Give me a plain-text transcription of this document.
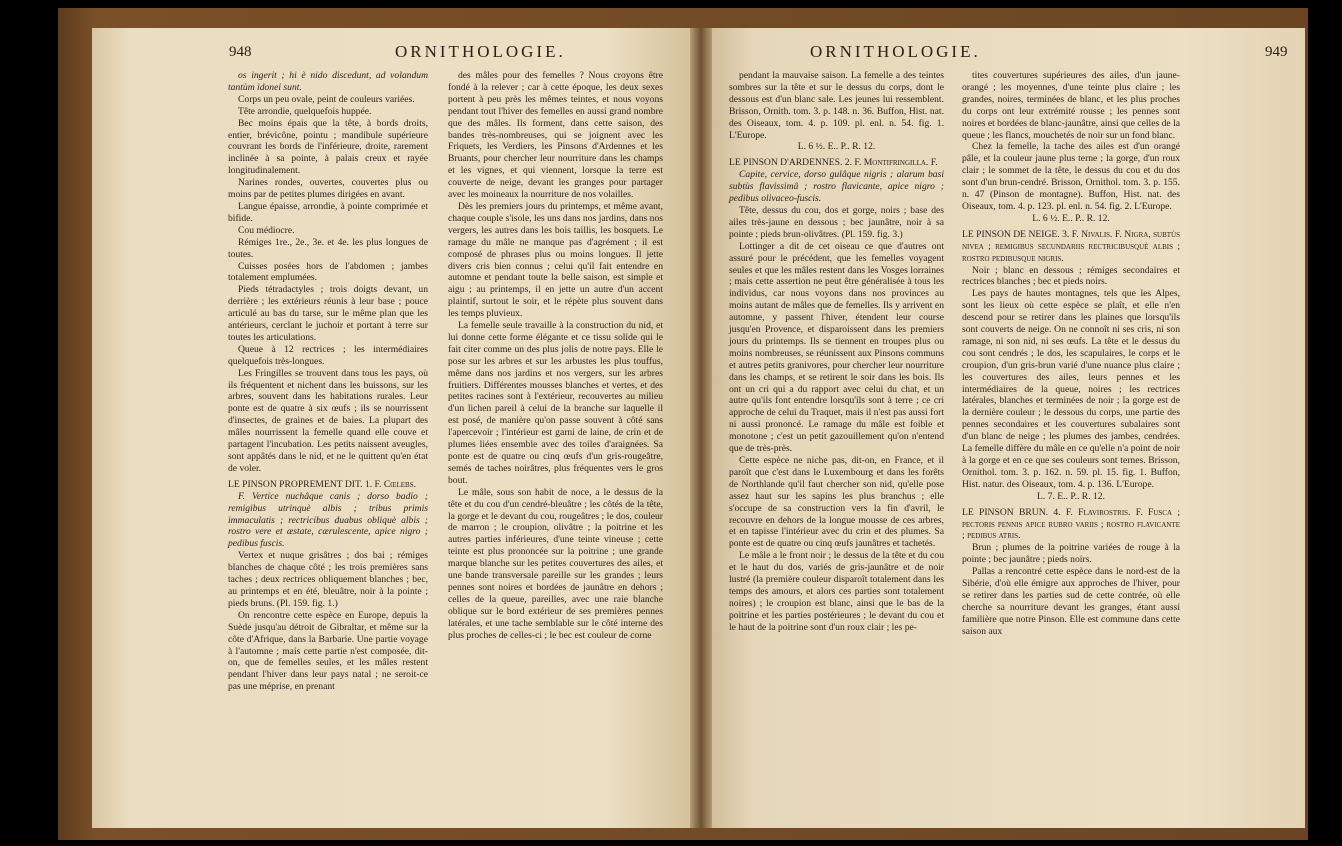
948	ORNITHOLOGIE.	ORNITHOLOGIE.	949

os ingerit ; hi è nido discedunt, ad volandum tantùm idonei sunt.

Corps un peu ovale, peint de couleurs variées.

Tête arrondie, quelquefois huppée.

Bec moins épais que la tête, à bords droits, entier, brévicône, pointu ; mandibule supérieure couvrant les bords de l'inférieure, droite, rarement inclinée à sa pointe, à palais creux et rayée longitudinalement.

Narines rondes, ouvertes, couvertes plus ou moins par de petites plumes dirigées en avant.

Langue épaisse, arrondie, à pointe comprimée et bifide.

Cou médiocre.

Rémiges 1re., 2e., 3e. et 4e. les plus longues de toutes.

Cuisses posées hors de l'abdomen ; jambes totalement emplumées.

Pieds tétradactyles ; trois doigts devant, un derrière ; les extérieurs réunis à leur base ; pouce articulé au bas du tarse, sur le même plan que les antérieurs, cerclant le juchoir et portant à terre sur toutes les articulations.

Queue à 12 rectrices ; les intermédiaires quelquefois très-longues.

Les Fringilles se trouvent dans tous les pays, où ils fréquentent et nichent dans les buissons, sur les arbres, souvent dans les habitations rurales. Leur ponte est de quatre à six œufs ; ils se nourrissent d'insectes, de graines et de baies. La plupart des mâles nourrissent la femelle quand elle couve et partagent l'incubation. Les petits naissent aveugles, sont appâtés dans le nid, et ne le quittent qu'en état de voler.

LE PINSON PROPREMENT DIT. 1. F. Cœlebs.

F. Vertice nuchâque canis ; dorso badio ; remigibus utrinquè albis ; tribus primis immaculatis ; rectricibus duabus obliquè albis ; rostro vere et æstate, cærulescente, apice nigro ; pedibus fuscis.

Vertex et nuque grisâtres ; dos bai ; rémiges blanches de chaque côté ; les trois premières sans taches ; deux rectrices obliquement blanches ; bec, au printemps et en été, bleuâtre, noir à la pointe ; pieds bruns. (Pl. 159. fig. 1.)

On rencontre cette espèce en Europe, depuis la Suède jusqu'au détroit de Gibraltar, et même sur la côte d'Afrique, dans la Barbarie. Une partie voyage à l'automne ; mais cette partie n'est composée, dit-on, que de femelles seules, et les mâles restent pendant l'hiver dans leur pays natal ; ne seroit-ce pas une méprise, en prenant

des mâles pour des femelles ? Nous croyons être fondé à la relever ; car à cette époque, les deux sexes portent à peu près les mêmes teintes, et nous voyons pendant tout l'hiver des femelles en aussi grand nombre que des mâles. Ils forment, dans cette saison, des bandes très-nombreuses, qui se joignent avec les Friquets, les Verdiers, les Pinsons d'Ardennes et les Bruants, pour chercher leur nourriture dans les champs et les vignes, et qui viennent, lorsque la terre est couverte de neige, devant les granges pour partager avec les moineaux la nourriture de nos volailles.

Dès les premiers jours du printemps, et même avant, chaque couple s'isole, les uns dans nos jardins, dans nos vergers, les autres dans les bois taillis, les bosquets. Le ramage du mâle ne manque pas d'agrément ; il est composé de phrases plus ou moins longues. Il jette divers cris bien connus ; celui qu'il fait entendre en automne et pendant toute la belle saison, est simple et aigu ; au printemps, il en jette un autre d'un accent plaintif, surtout le soir, et le répète plus souvent dans les temps pluvieux.

La femelle seule travaille à la construction du nid, et lui donne cette forme élégante et ce tissu solide qui le fait citer comme un des plus jolis de notre pays. Elle le pose sur les arbres et sur les arbustes les plus touffus, même dans nos jardins et nos vergers, sur les arbres fruitiers. Différentes mousses blanches et vertes, et des petites racines sont à l'extérieur, recouvertes au milieu d'un lichen pareil à celui de la branche sur laquelle il est posé, de manière qu'on passe souvent à côté sans l'apercevoir ; l'intérieur est garni de laine, de crin et de plumes liées ensemble avec des toiles d'araignées. Sa ponte est de quatre ou cinq œufs d'un gris-rougeâtre, semés de taches noirâtres, plus fréquentes vers le gros bout.

Le mâle, sous son habit de noce, a le dessus de la tête et du cou d'un cendré-bleuâtre ; les côtés de la tête, la gorge et le devant du cou, rougeâtres ; le dos, couleur de marron ; le croupion, olivâtre ; la poitrine et les autres parties inférieures, d'une teinte vineuse ; cette teinte est plus prononcée sur la poitrine ; une grande marque blanche sur les petites couvertures des ailes, et une bande transversale pareille sur les grandes ; leurs pennes sont noires et bordées de jaunâtre en dehors ; celles de la queue, pareilles, avec une raie blanche oblique sur le bord extérieur de ses premières pennes latérales, et une tache semblable sur le côté interne des plus proches de celles-ci ; le bec est couleur de corne

pendant la mauvaise saison. La femelle a des teintes sombres sur la tête et sur le dessus du corps, dont le dessous est d'un blanc sale. Les jeunes lui ressemblent. Brisson, Ornith. tom. 3. p. 148. n. 36. Buffon, Hist. nat. des Oiseaux, tom. 4. p. 109. pl. enl. n. 54. fig. 1. L'Europe.

L. 6 ½. E.. P.. R. 12.

LE PINSON D'ARDENNES. 2. F. Montifringilla. F.

Capite, cervice, dorso gulâque nigris ; alarum basi subtùs flavissimâ ; rostro flavicante, apice nigro ; pedibus olivaceo-fuscis.

Tête, dessus du cou, dos et gorge, noirs ; base des ailes très-jaune en dessous ; bec jaunâtre, noir à sa pointe ; pieds brun-olivâtres. (Pl. 159. fig. 3.)

Lottinger a dit de cet oiseau ce que d'autres ont assuré pour le précédent, que les femelles voyagent seules et que les mâles restent dans les Vosges lorraines ; mais cette assertion ne peut être généralisée à tous les individus, car nous voyons dans nos provinces au moins autant de mâles que de femelles. Ils y arrivent en automne, y passent l'hiver, étendent leur course jusqu'en Provence, et disparoissent dans les premiers jours du printemps. Ils se tiennent en troupes plus ou moins nombreuses, se réunissent aux Pinsons communs et autres petits granivores, pour chercher leur nourriture dans les champs, et se retirent le soir dans les bois. Ils ont un cri qui a du rapport avec celui du chat, et un autre qu'ils font entendre lorsqu'ils sont à terre ; ce cri approche de celui du Traquet, mais il n'est pas aussi fort ni aussi prononcé. Le ramage du mâle est foible et monotone ; c'est un petit gazouillement qu'on n'entend que de très-près.

Cette espèce ne niche pas, dit-on, en France, et il paroît que c'est dans le Luxembourg et dans les forêts de Northlande qu'il faut chercher son nid, qu'elle pose assez haut sur les sapins les plus branchus ; elle s'occupe de sa construction vers la fin d'avril, le recouvre en dehors de la longue mousse de ces arbres, et en tapisse l'intérieur avec du crin et des plumes. Sa ponte est de quatre ou cinq œufs jaunâtres et tachetés.

Le mâle a le front noir ; le dessus de la tête et du cou et le haut du dos, variés de gris-jaunâtre et de noir lustré (la première couleur disparoît totalement dans les temps des amours, et alors ces parties sont totalement noires) ; le croupion est blanc, ainsi que le bas de la poitrine et les parties postérieures ; le devant du cou et le haut de la poitrine sont d'un roux clair ; les pe-

tites couvertures supérieures des ailes, d'un jaune-orangé ; les moyennes, d'une teinte plus claire ; les grandes, noires, terminées de blanc, et les plus proches du corps ont leur extrémité rousse ; les pennes sont noires et bordées de blanc-jaunâtre, ainsi que celles de la queue ; les flancs, mouchetés de noir sur un fond blanc.

Chez la femelle, la tache des ailes est d'un orangé pâle, et la couleur jaune plus terne ; la gorge, d'un roux clair ; le sommet de la tête, le dessus du cou et du dos sont d'un brun-cendré. Brisson, Ornithol. tom. 3. p. 155. n. 47 (Pinson de montagne). Buffon, Hist. nat. des Oiseaux, tom. 4. p. 123. pl. enl. n. 54. fig. 2. L'Europe.

L. 6 ½. E.. P.. R. 12.

LE PINSON DE NEIGE. 3. F. Nivalis. F. Nigra, subtùs nivea ; remigibus secundariis rectricibusquè albis ; rostro pedibusque nigris.

Noir ; blanc en dessous ; rémiges secondaires et rectrices blanches ; bec et pieds noirs.

Les pays de hautes montagnes, tels que les Alpes, sont les lieux où cette espèce se plaît, et elle n'en descend pour se retirer dans les plaines que lorsqu'ils sont couverts de neige. On ne connoît ni ses cris, ni son ramage, ni son nid, ni ses œufs. La tête et le dessus du cou sont cendrés ; le dos, les scapulaires, le corps et le croupion, d'un gris-brun varié d'une nuance plus claire ; les couvertures des ailes, leurs pennes et les intermédiaires de la queue, noires ; les rectrices latérales, blanches et terminées de noir ; la gorge est de la dernière couleur ; le dessous du corps, une partie des pennes secondaires et les couvertures subalaires sont d'un blanc de neige ; les plumes des jambes, cendrées. La femelle diffère du mâle en ce qu'elle n'a point de noir à la gorge et en ce que ses couleurs sont ternes. Brisson, Ornithol. tom. 3. p. 162. n. 59. pl. 15. fig. 1. Buffon, Hist. natur. des Oiseaux, tom. 4. p. 136. L'Europe.

L. 7. E.. P.. R. 12.

LE PINSON BRUN. 4. F. Flavirostris. F. Fusca ; pectoris pennis apice rubro variis ; rostro flavicante ; pedibus atris.

Brun ; plumes de la poitrine variées de rouge à la pointe ; bec jaunâtre ; pieds noirs.

Pallas a rencontré cette espèce dans le nord-est de la Sibérie, d'où elle émigre aux approches de l'hiver, pour se retirer dans les parties sud de cette contrée, où elle cherche sa nourriture devant les granges, étant aussi familière que notre Pinson. Elle est commune dans cette saison aux
